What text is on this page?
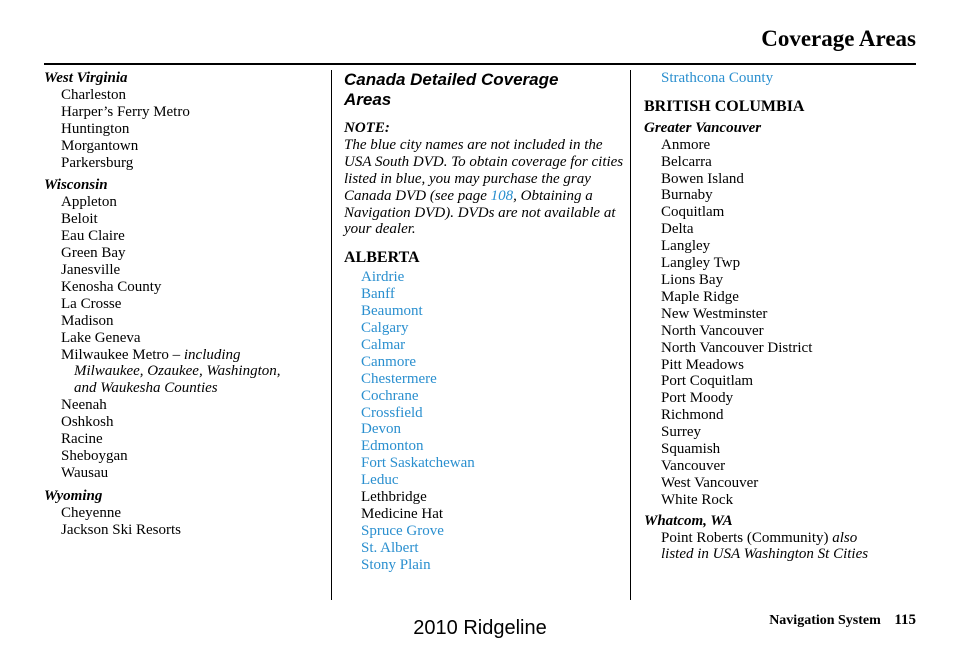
Coverage Areas
West Virginia
Charleston
Harper’s Ferry Metro
Huntington
Morgantown
Parkersburg
Wisconsin
Appleton
Beloit
Eau Claire
Green Bay
Janesville
Kenosha County
La Crosse
Madison
Lake Geneva
Milwaukee Metro – including
Milwaukee, Ozaukee, Washington,
and Waukesha Counties
Neenah
Oshkosh
Racine
Sheboygan
Wausau
Wyoming
Cheyenne
Jackson Ski Resorts
Canada Detailed Coverage
Areas
NOTE:
The blue city names are not included in the USA South DVD. To obtain coverage for cities listed in blue, you may purchase the gray Canada DVD (see page 108, Obtaining a Navigation DVD). DVDs are not available at your dealer.
ALBERTA
Airdrie
Banff
Beaumont
Calgary
Calmar
Canmore
Chestermere
Cochrane
Crossfield
Devon
Edmonton
Fort Saskatchewan
Leduc
Lethbridge
Medicine Hat
Spruce Grove
St. Albert
Stony Plain
Strathcona County
BRITISH COLUMBIA
Greater Vancouver
Anmore
Belcarra
Bowen Island
Burnaby
Coquitlam
Delta
Langley
Langley Twp
Lions Bay
Maple Ridge
New Westminster
North Vancouver
North Vancouver District
Pitt Meadows
Port Coquitlam
Port Moody
Richmond
Surrey
Squamish
Vancouver
West Vancouver
White Rock
Whatcom, WA
Point Roberts (Community) also
listed in USA Washington St Cities
Navigation System 115
2010 Ridgeline
